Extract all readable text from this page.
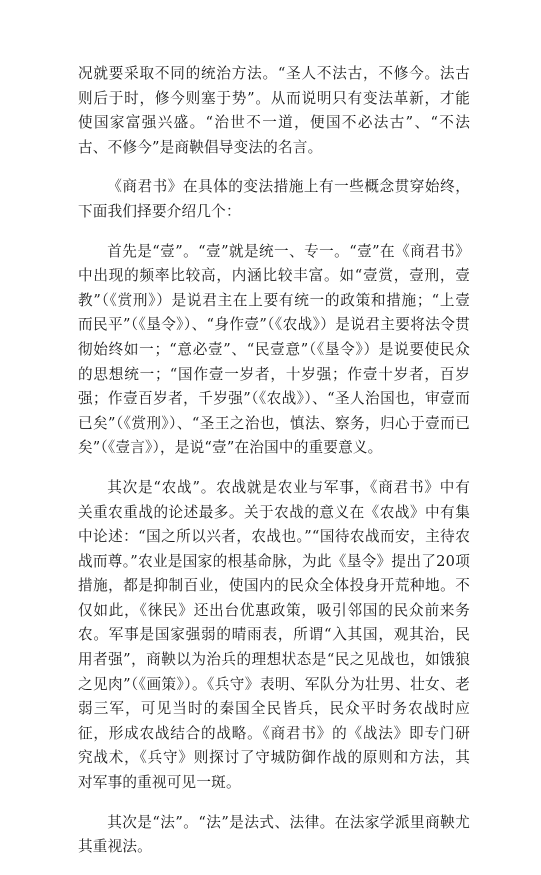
况就要采取不同的统治方法。“圣人不法古，不修今。法古则后于时，修今则塞于势”。从而说明只有变法革新，才能使国家富强兴盛。“治世不一道，便国不必法古”、“不法古、不修今”是商鞅倡导变法的名言。

《商君书》在具体的变法措施上有一些概念贯穿始终，下面我们择要介绍几个：

首先是“壹”。“壹”就是统一、专一。“壹”在《商君书》中出现的频率比较高，内涵比较丰富。如“壹赏，壹刑，壹教”（《赏刑》）是说君主在上要有统一的政策和措施；“上壹而民平”（《垦令》）、“身作壹”（《农战》）是说君主要将法令贯彻始终如一；“意必壹”、“民壹意”（《垦令》）是说要使民众的思想统一；“国作壹一岁者，十岁强；作壹十岁者，百岁强；作壹百岁者，千岁强”（《农战》）、“圣人治国也，审壹而已矣”（《赏刑》）、“圣王之治也，慎法、察务，归心于壹而已矣”（《壹言》），是说“壹”在治国中的重要意义。

其次是“农战”。农战就是农业与军事，《商君书》中有关重农重战的论述最多。关于农战的意义在《农战》中有集中论述：“国之所以兴者，农战也。”“国待农战而安，主待农战而尊。”农业是国家的根基命脉，为此《垦令》提出了20项措施，都是抑制百业，使国内的民众全体投身开荒种地。不仅如此，《徕民》还出台优惠政策，吸引邻国的民众前来务农。军事是国家强弱的晴雨表，所谓“入其国，观其治，民用者强”，商鞅以为治兵的理想状态是“民之见战也，如饿狼之见肉”（《画策》）。《兵守》表明、军队分为壮男、壮女、老弱三军，可见当时的秦国全民皆兵，民众平时务农战时应征，形成农战结合的战略。《商君书》的《战法》即专门研究战术，《兵守》则探讨了守城防御作战的原则和方法，其对军事的重视可见一斑。

其次是“法”。“法”是法式、法律。在法家学派里商鞅尤其重视法。
